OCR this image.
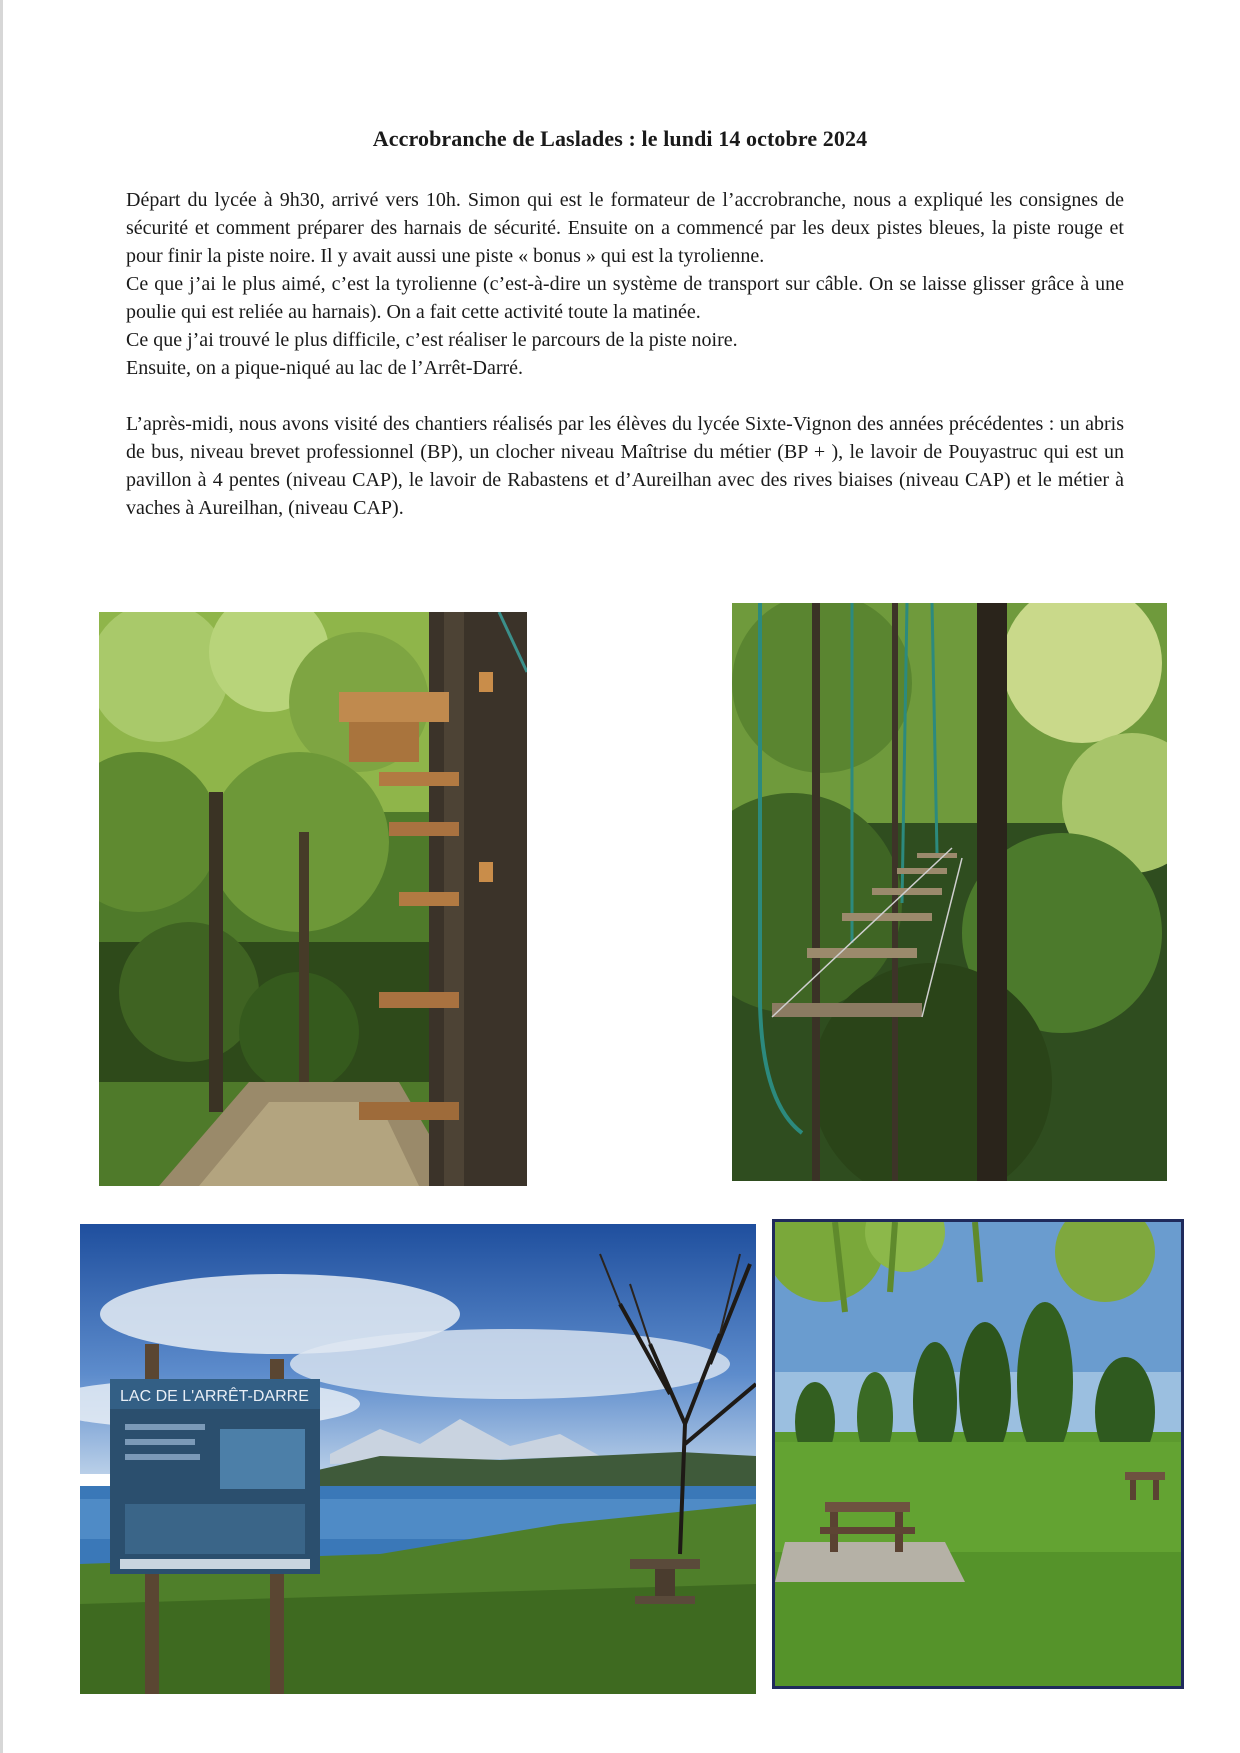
Accrobranche de Laslades : le lundi 14 octobre 2024

Départ du lycée à 9h30, arrivé vers 10h. Simon qui est le formateur de l’accrobranche, nous a expliqué les consignes de sécurité et comment préparer des harnais de sécurité. Ensuite on a commencé par les deux pistes bleues, la piste rouge et pour finir la piste noire. Il y avait aussi une piste « bonus » qui est la tyrolienne.

Ce que j’ai le plus aimé, c’est la tyrolienne (c’est-à-dire un système de transport sur câble. On se laisse glisser grâce à une poulie qui est reliée au harnais). On a fait cette activité toute la matinée.

Ce que j’ai trouvé le plus difficile, c’est réaliser le parcours de la piste noire.

Ensuite, on a pique-niqué au lac de l’Arrêt-Darré.

L’après-midi, nous avons visité des chantiers réalisés par les élèves du lycée Sixte-Vignon des années précédentes : un abris de bus, niveau brevet professionnel (BP), un clocher niveau Maîtrise du métier (BP + ), le lavoir de Pouyastruc qui est un pavillon à 4 pentes (niveau CAP), le lavoir de Rabastens et d’Aureilhan avec des rives biaises (niveau CAP) et le métier à vaches à Aureilhan, (niveau CAP).

LAC DE L'ARRÊT-DARRE
